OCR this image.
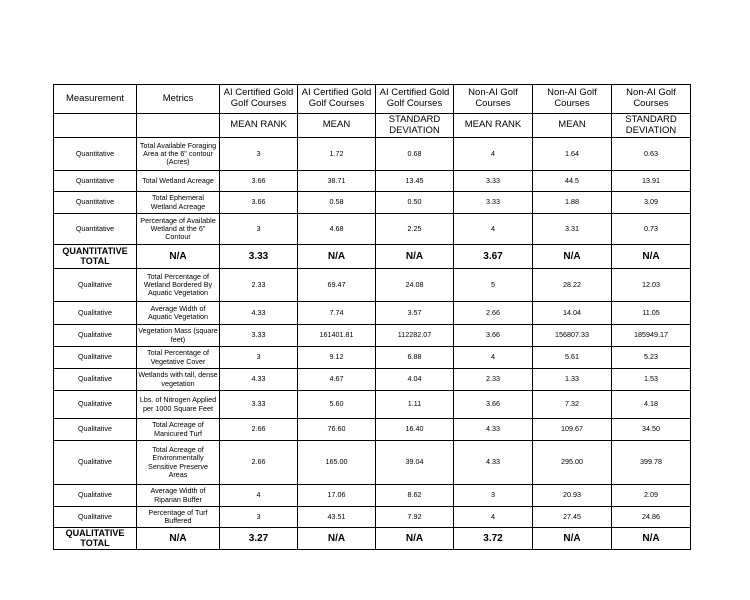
Measurement	Metrics	AI Certified Gold Golf Courses	AI Certified Gold Golf Courses	AI Certified Gold Golf Courses	Non-AI Golf Courses	Non-AI Golf Courses	Non-AI Golf Courses
		MEAN RANK	MEAN	STANDARD DEVIATION	MEAN RANK	MEAN	STANDARD DEVIATION
Quantitative	Total Available Foraging Area at the 6" contour (Acres)	3	1.72	0.68	4	1.64	0.63
Quantitative	Total Wetland Acreage	3.66	38.71	13.45	3.33	44.5	13.91
Quantitative	Total Ephemeral Wetland Acreage	3.66	0.58	0.50	3.33	1.88	3.09
Quantitative	Percentage of Available Wetland at the 6" Contour	3	4.68	2.25	4	3.31	0.73
QUANTITATIVE TOTAL	N/A	3.33	N/A	N/A	3.67	N/A	N/A
Qualitative	Total Percentage of Wetland Bordered By Aquatic Vegetation	2.33	69.47	24.08	5	28.22	12.03
Qualitative	Average Width of Aquatic Vegetation	4.33	7.74	3.57	2.66	14.04	11.05
Qualitative	Vegetation Mass (square feet)	3.33	161401.81	112282.07	3.66	156807.33	185949.17
Qualitative	Total Percentage of Vegetative Cover	3	9.12	6.88	4	5.61	5.23
Qualitative	Wetlands with tall, dense vegetation	4.33	4.67	4.04	2.33	1.33	1.53
Qualitative	Lbs. of Nitrogen Applied per 1000 Square Feet	3.33	5.60	1.11	3.66	7.32	4.18
Qualitative	Total Acreage of Manicured Turf	2.66	76.60	16.40	4.33	109.67	34.50
Qualitative	Total Acreage of Environmentally Sensitive Preserve Areas	2.66	165.00	39.04	4.33	295.00	399.78
Qualitative	Average Width of Riparian Buffer	4	17.06	8.62	3	20.93	2.09
Qualitative	Percentage of Turf Buffered	3	43.51	7.92	4	27.45	24.86
QUALITATIVE TOTAL	N/A	3.27	N/A	N/A	3.72	N/A	N/A
